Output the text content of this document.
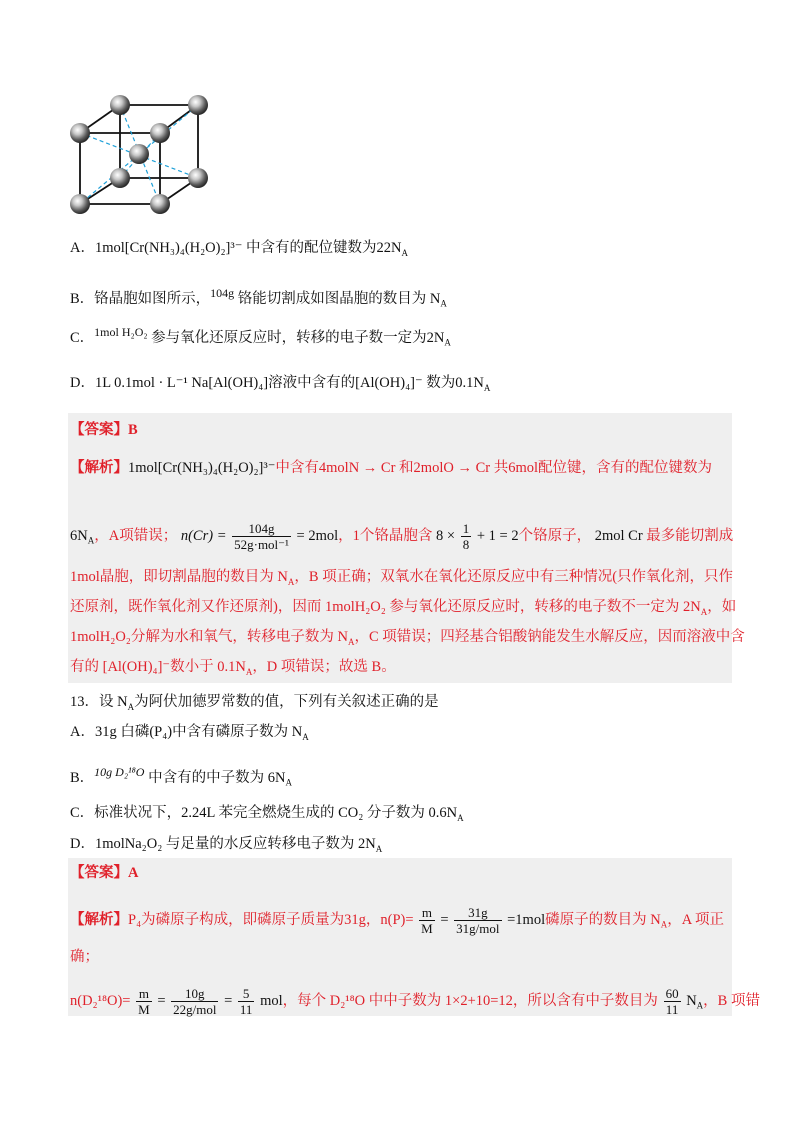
A．1mol[Cr(NH₃)₄(H₂O)₂]³⁻ 中含有的配位键数为$22N_A$
B．铬晶胞如图所示，$^{104g}$ 铬能切割成如图晶胞的数目为 $N_A$
C．$^{1mol H_2O_2}$ 参与氧化还原反应时，转移的电子数一定为$2N_A$
D．1L 0.1mol · L⁻¹ Na[Al(OH)₄]溶液中含有的[Al(OH)₄]⁻ 数为$0.1N_A$
【答案】B
【解析】1mol[Cr(NH₃)₄(H₂O)₂]³⁻中含有4molN → Cr 和2molO → Cr 共6mol配位键，含有的配位键数为
$6N_A$，A项错误； $n(Cr) = \frac{104g}{\text{52g·mol⁻¹}} = 2mol$，1个铬晶胞含 $8 \times \frac{1}{8} + 1 = 2$个铬原子， 2mol Cr 最多能切割成
1mol晶胞，即切割晶胞的数目为 $N_A$，B 项正确；双氧水在氧化还原反应中有三种情况(只作氧化剂，只作
还原剂，既作氧化剂又作还原剂)，因而 1molH₂O₂ 参与氧化还原反应时，转移的电子数不一定为 $2N_A$，如
1molH₂O₂分解为水和氧气，转移电子数为 $N_A$，C 项错误；四羟基合铝酸钠能发生水解反应，因而溶液中含
有的 [Al(OH)₄]⁻数小于 $0.1N_A$，D 项错误；故选 B。
13．设 $N_A$为阿伏加德罗常数的值，下列有关叙述正确的是
A．31g 白磷(P₄)中含有磷原子数为 $N_A$
B．$^{10g D_2^{18}O}$ 中含有的中子数为 $6N_A$
C．标准状况下，2.24L 苯完全燃烧生成的 CO₂ 分子数为 $0.6N_A$
D．1molNa₂O₂ 与足量的水反应转移电子数为 $2N_A$
【答案】A
【解析】P₄为磷原子构成，即磷原子质量为31g，$n(P)= \frac{m}{M} = \frac{31g}{\text{31g/mol}} =1mol$磷原子的数目为 $N_A$，A 项正
确；
$n(D_2^{18}O)= \frac{m}{M} = \frac{10g}{\text{22g/mol}} = \frac{5}{11}$ mol，每个 D₂¹⁸O 中中子数为 1×2+10=12，所以含有中子数目为 $\frac{60}{11} N_A$，B 项错
